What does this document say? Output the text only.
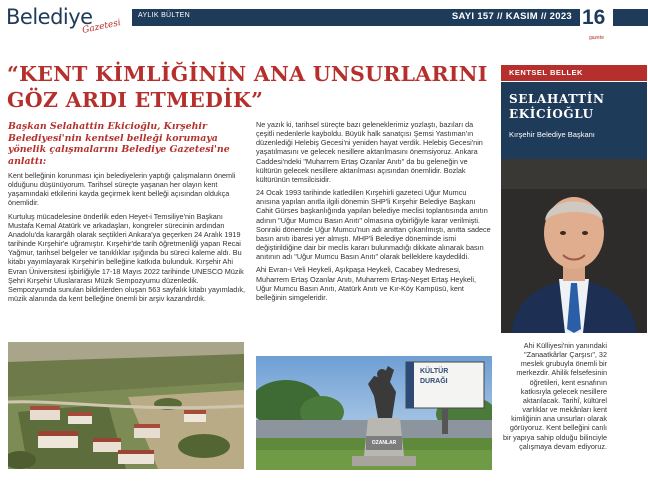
Belediye
Gazetesi
AYLIK BÜLTEN	SAYI 157 // KASIM // 2023 16
gazete
“KENT KİMLİĞİNİN ANA UNSURLARINI GÖZ ARDI ETMEDİK”

Başkan Selahattin Ekicioğlu, Kırşehir Belediyesi'nin kentsel belleği korumaya yönelik çalışmalarını Belediye Gazetesi'ne anlattı:

Kent belleğinin korunması için belediyelerin yaptığı çalışmaların önemli olduğunu düşünüyorum. Tarihsel süreçte yaşanan her olayın kent yaşamındaki etkilerini kayda geçirmek kent belleği açısından oldukça önemlidir.

Kurtuluş mücadelesine önderlik eden Heyet-i Temsiliye'nin Başkanı Mustafa Kemal Atatürk ve arkadaşları, kongreler sürecinin ardından Anadolu'da karargâh olarak seçtikleri Ankara'ya geçerken 24 Aralık 1919 tarihinde Kırşehir'e uğramıştır. Kırşehir'de tarih öğretmenliği yapan Recai Yağmur, tarihsel belgeler ve tanıklıklar ışığında bu süreci kaleme aldı. Bu kitabı yayımlayarak Kırşehir'in belleğine katkıda bulunduk. Kırşehir Ahi Evran Üniversitesi işbirliğiyle 17-18 Mayıs 2022 tarihinde UNESCO Müzik Şehri Kırşehir Uluslararası Müzik Sempozyumu düzenledik. Sempozyumda sunulan bildirilerden oluşan 563 sayfalık kitabı yayımladık, müzik alanında da kent belleğine önemli bir arşiv kazandırdık.

Ne yazık ki, tarihsel süreçte bazı geleneklerimiz yozlaştı, bazıları da çeşitli nedenlerle kayboldu. Büyük halk sanatçısı Şemsi Yastıman'ın düzenlediği Helebiş Gecesi'ni yeniden hayat verdik. Helebiş Gecesi'nin yaşatılmasını ve gelecek nesillere aktarılmasını önemsiyoruz. Ankara Caddesi'ndeki "Muharrem Ertaş Ozanlar Anıtı" da bu geleneğin ve kültürün gelecek nesillere aktarılması açısından önemlidir. Bozlak kültürünün temsilcisidir.

24 Ocak 1993 tarihinde katledilen Kırşehirli gazeteci Uğur Mumcu anısına yapılan anıtla ilgili dönemin SHP'li Kırşehir Belediye Başkanı Cahit Gürses başkanlığında yapılan belediye meclisi toplantısında anıtın adının "Uğur Mumcu Basın Anıtı" olmasına oybirliğiyle karar verilmişti. Sonraki dönemde Uğur Mumcu'nun adı anıttan çıkarılmıştı, anıtta sadece basın anıtı ibaresi yer almıştı. MHP'li Belediye döneminde ismi değiştirildiğine dair bir meclis kararı bulunmadığı dikkate alınarak basın anıtının adı "Uğur Mumcu Basın Anıtı" olarak belleklere kaydedildi.

Ahi Evran-ı Veli Heykeli, Aşıkpaşa Heykeli, Cacabey Medresesi, Muharrem Ertaş Ozanlar Anıtı, Muharrem Ertaş-Neşet Ertaş Heykeli, Uğur Mumcu Basın Anıtı, Atatürk Anıtı ve Kır-Köy Kampüsü, kent belleğinin simgeleridir.

OZANLAR
KÜLTÜR
DURAĞI
KENTSEL BELLEK
SELAHATTİN EKİCİOĞLU
Kırşehir Belediye Başkanı

Ahi Külliyesi'nin yanındaki "Zanaatkârlar Çarşısı", 32 meslek grubuyla önemli bir merkezdir. Ahilik felsefesinin öğretileri, kent esnafının katkısıyla gelecek nesillere aktarılacak. Tarihî, kültürel varlıklar ve mekânları kent kimliğinin ana unsurları olarak görüyoruz. Kent belleğini canlı bir yapıya sahip olduğu bilinciyle çalışmaya devam ediyoruz.
